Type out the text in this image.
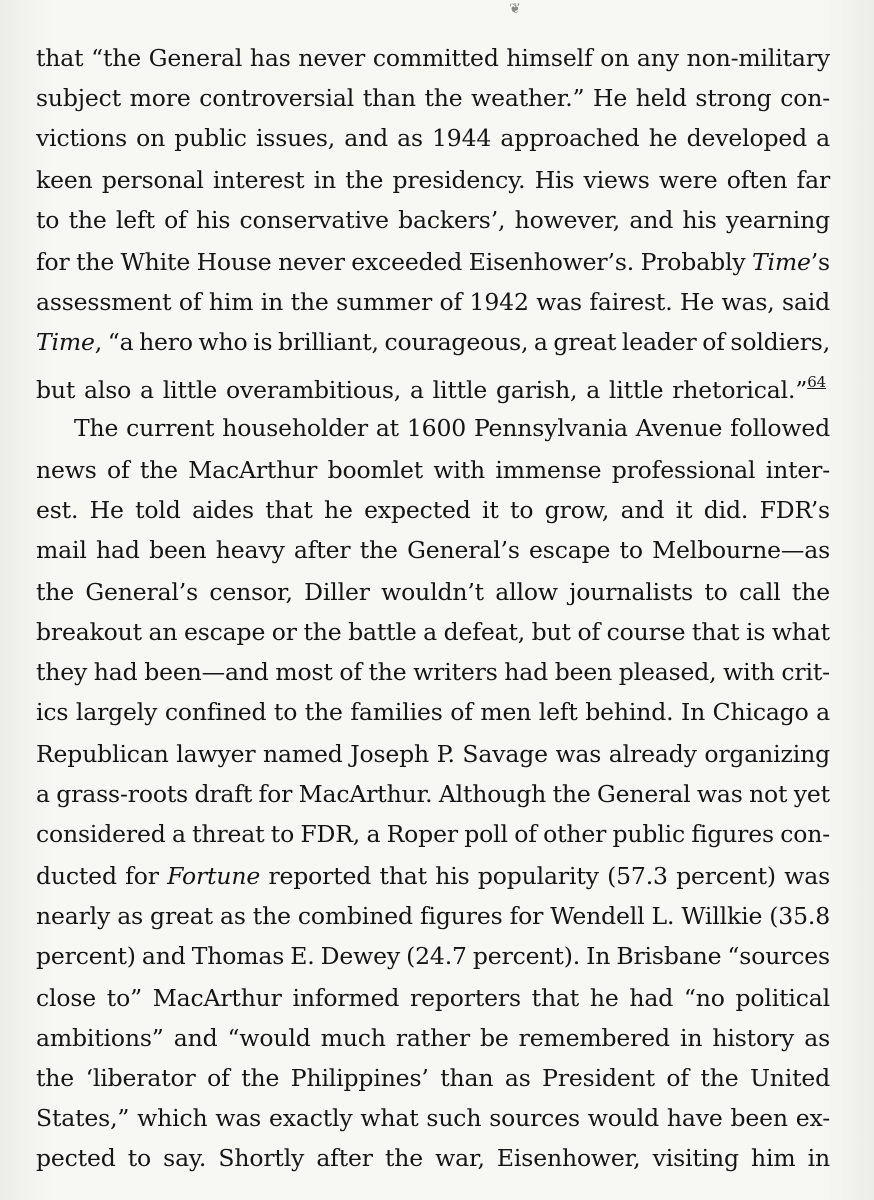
❦
that “the General has never committed himself on any non-military
subject more controversial than the weather.” He held strong con-
victions on public issues, and as 1944 approached he developed a
keen personal interest in the presidency. His views were often far
to the left of his conservative backers’, however, and his yearning
for the White House never exceeded Eisenhower’s. Probably Time’s
assessment of him in the summer of 1942 was fairest. He was, said
Time, “a hero who is brilliant, courageous, a great leader of soldiers,
but also a little overambitious, a little garish, a little rhetorical.”$^{64}$
The current householder at 1600 Pennsylvania Avenue followed
news of the MacArthur boomlet with immense professional inter-
est. He told aides that he expected it to grow, and it did. FDR’s
mail had been heavy after the General’s escape to Melbourne—as
the General’s censor, Diller wouldn’t allow journalists to call the
breakout an escape or the battle a defeat, but of course that is what
they had been—and most of the writers had been pleased, with crit-
ics largely confined to the families of men left behind. In Chicago a
Republican lawyer named Joseph P. Savage was already organizing
a grass-roots draft for MacArthur. Although the General was not yet
considered a threat to FDR, a Roper poll of other public figures con-
ducted for Fortune reported that his popularity (57.3 percent) was
nearly as great as the combined figures for Wendell L. Willkie (35.8
percent) and Thomas E. Dewey (24.7 percent). In Brisbane “sources
close to” MacArthur informed reporters that he had “no political
ambitions” and “would much rather be remembered in history as
the ‘liberator of the Philippines’ than as President of the United
States,” which was exactly what such sources would have been ex-
pected to say. Shortly after the war, Eisenhower, visiting him in
